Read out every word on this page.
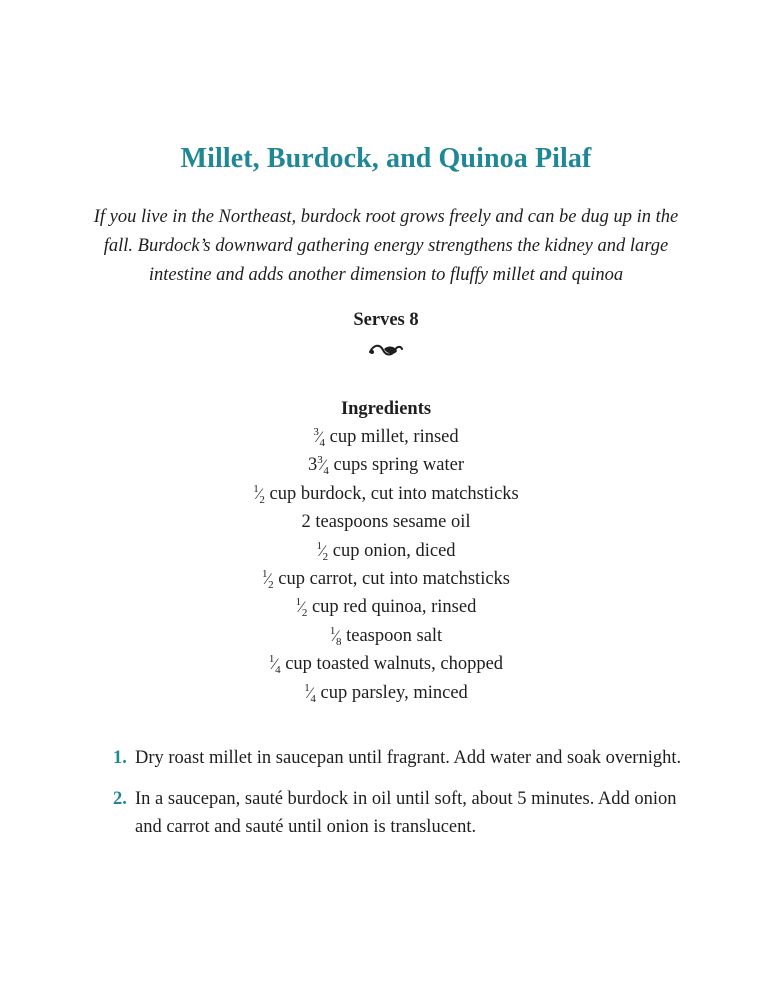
Millet, Burdock, and Quinoa Pilaf
If you live in the Northeast, burdock root grows freely and can be dug up in the fall. Burdock’s downward gathering energy strengthens the kidney and large intestine and adds another dimension to fluffy millet and quinoa
Serves 8
Ingredients
$^3⁄_4$ cup millet, rinsed
$3^3⁄_4$ cups spring water
$^1⁄_2$ cup burdock, cut into matchsticks
2 teaspoons sesame oil
$^1⁄_2$ cup onion, diced
$^1⁄_2$ cup carrot, cut into matchsticks
$^1⁄_2$ cup red quinoa, rinsed
$^1⁄_8$ teaspoon salt
$^1⁄_4$ cup toasted walnuts, chopped
$^1⁄_4$ cup parsley, minced
1. Dry roast millet in saucepan until fragrant. Add water and soak overnight.
2. In a saucepan, sauté burdock in oil until soft, about 5 minutes. Add onion and carrot and sauté until onion is translucent.
